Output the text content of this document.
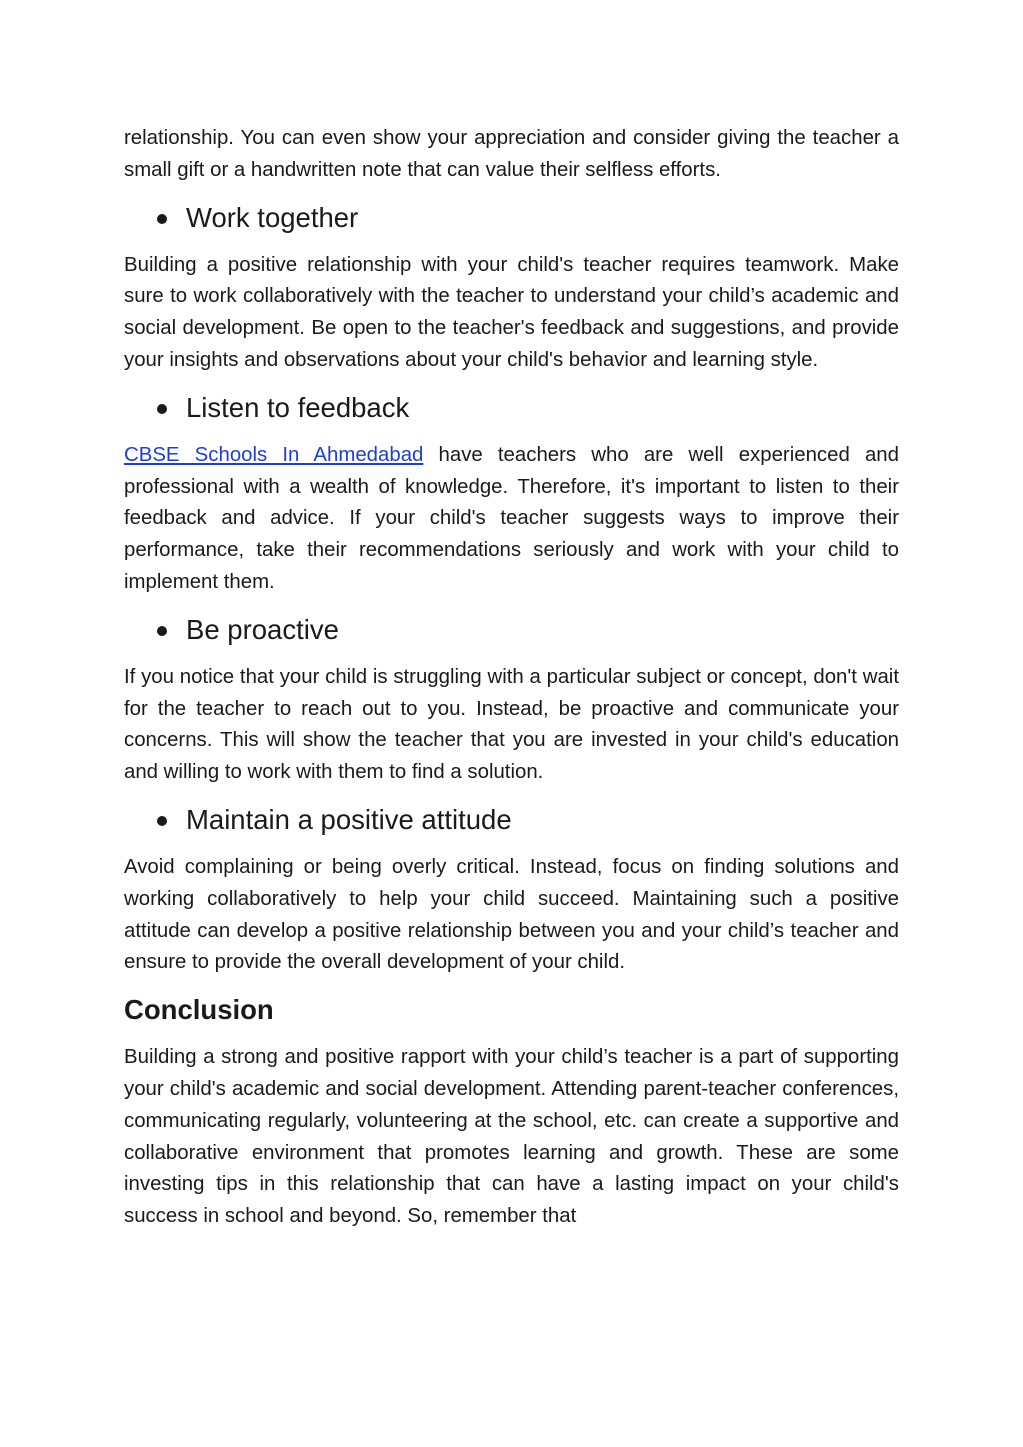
relationship. You can even show your appreciation and consider giving the teacher a small gift or a handwritten note that can value their selfless efforts.

Work together

Building a positive relationship with your child's teacher requires teamwork. Make sure to work collaboratively with the teacher to understand your child’s academic and social development. Be open to the teacher's feedback and suggestions, and provide your insights and observations about your child's behavior and learning style.

Listen to feedback

CBSE Schools In Ahmedabad have teachers who are well experienced and professional with a wealth of knowledge. Therefore, it's important to listen to their feedback and advice. If your child's teacher suggests ways to improve their performance, take their recommendations seriously and work with your child to implement them.

Be proactive

If you notice that your child is struggling with a particular subject or concept, don't wait for the teacher to reach out to you. Instead, be proactive and communicate your concerns. This will show the teacher that you are invested in your child's education and willing to work with them to find a solution.

Maintain a positive attitude

Avoid complaining or being overly critical. Instead, focus on finding solutions and working collaboratively to help your child succeed. Maintaining such a positive attitude can develop a positive relationship between you and your child’s teacher and ensure to provide the overall development of your child.

Conclusion

Building a strong and positive rapport with your child’s teacher is a part of supporting your child's academic and social development. Attending parent-teacher conferences, communicating regularly, volunteering at the school, etc. can create a supportive and collaborative environment that promotes learning and growth. These are some investing tips in this relationship that can have a lasting impact on your child's success in school and beyond. So, remember that
